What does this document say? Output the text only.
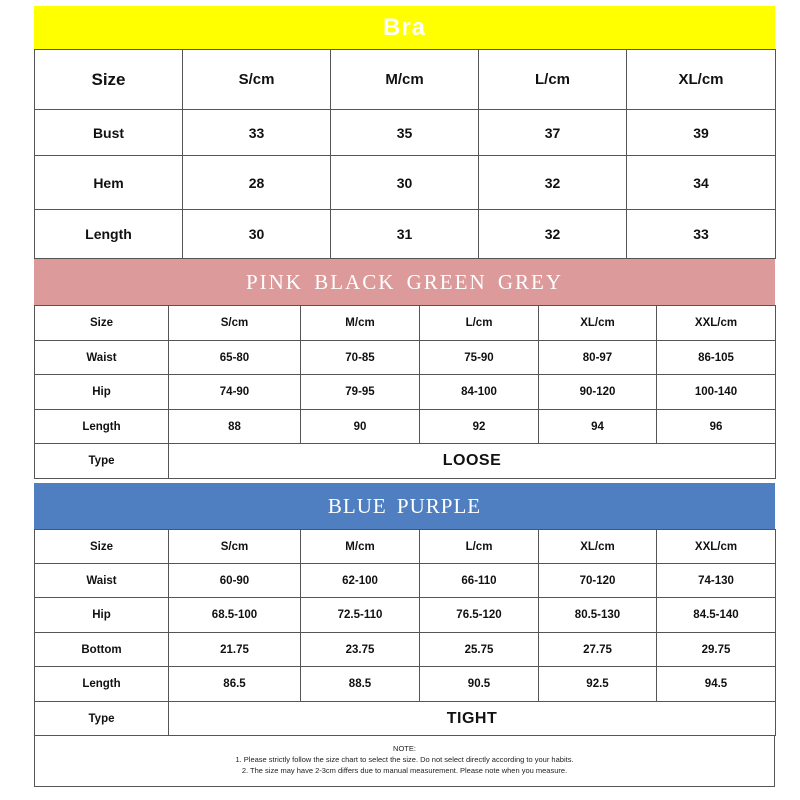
Bra
Size	S/cm	M/cm	L/cm	XL/cm
Bust	33	35	37	39
Hem	28	30	32	34
Length	30	31	32	33
PINK BLACK GREEN GREY
Size	S/cm	M/cm	L/cm	XL/cm	XXL/cm
Waist	65-80	70-85	75-90	80-97	86-105
Hip	74-90	79-95	84-100	90-120	100-140
Length	88	90	92	94	96
Type	LOOSE				
BLUE PURPLE
Size	S/cm	M/cm	L/cm	XL/cm	XXL/cm
Waist	60-90	62-100	66-110	70-120	74-130
Hip	68.5-100	72.5-110	76.5-120	80.5-130	84.5-140
Bottom	21.75	23.75	25.75	27.75	29.75
Length	86.5	88.5	90.5	92.5	94.5
Type	TIGHT				
NOTE:
1. Please strictly follow the size chart to select the size. Do not select directly according to your habits.
2. The size may have 2-3cm differs due to manual measurement. Please note when you measure.
